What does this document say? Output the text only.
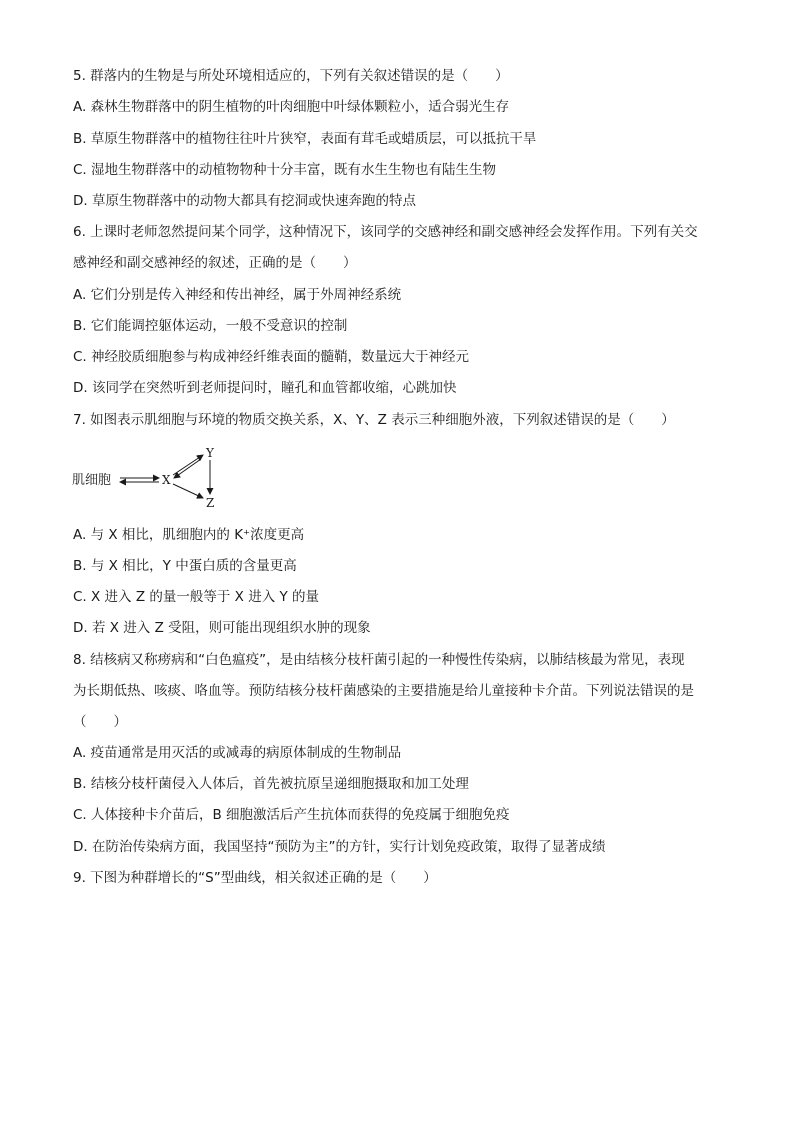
5. 群落内的生物是与所处环境相适应的，下列有关叙述错误的是（　　）
A. 森林生物群落中的阴生植物的叶肉细胞中叶绿体颗粒小，适合弱光生存
B. 草原生物群落中的植物往往叶片狭窄，表面有茸毛或蜡质层，可以抵抗干旱
C. 湿地生物群落中的动植物物种十分丰富，既有水生生物也有陆生生物
D. 草原生物群落中的动物大都具有挖洞或快速奔跑的特点
6. 上课时老师忽然提问某个同学，这种情况下，该同学的交感神经和副交感神经会发挥作用。下列有关交
感神经和副交感神经的叙述，正确的是（　　）
A. 它们分别是传入神经和传出神经，属于外周神经系统
B. 它们能调控躯体运动，一般不受意识的控制
C. 神经胶质细胞参与构成神经纤维表面的髓鞘，数量远大于神经元
D. 该同学在突然听到老师提问时，瞳孔和血管都收缩，心跳加快
7. 如图表示肌细胞与环境的物质交换关系，X、Y、Z 表示三种细胞外液，下列叙述错误的是（　　）
肌细胞	X
Y
Z
A. 与 X 相比，肌细胞内的 K⁺浓度更高
B. 与 X 相比，Y 中蛋白质的含量更高
C. X 进入 Z 的量一般等于 X 进入 Y 的量
D. 若 X 进入 Z 受阻，则可能出现组织水肿的现象
8. 结核病又称痨病和“白色瘟疫”，是由结核分枝杆菌引起的一种慢性传染病，以肺结核最为常见，表现
为长期低热、咳痰、咯血等。预防结核分枝杆菌感染的主要措施是给儿童接种卡介苗。下列说法错误的是
（　　）
A. 疫苗通常是用灭活的或减毒的病原体制成的生物制品
B. 结核分枝杆菌侵入人体后，首先被抗原呈递细胞摄取和加工处理
C. 人体接种卡介苗后，B 细胞激活后产生抗体而获得的免疫属于细胞免疫
D. 在防治传染病方面，我国坚持“预防为主”的方针，实行计划免疫政策，取得了显著成绩
9. 下图为种群增长的“S”型曲线，相关叙述正确的是（　　）
